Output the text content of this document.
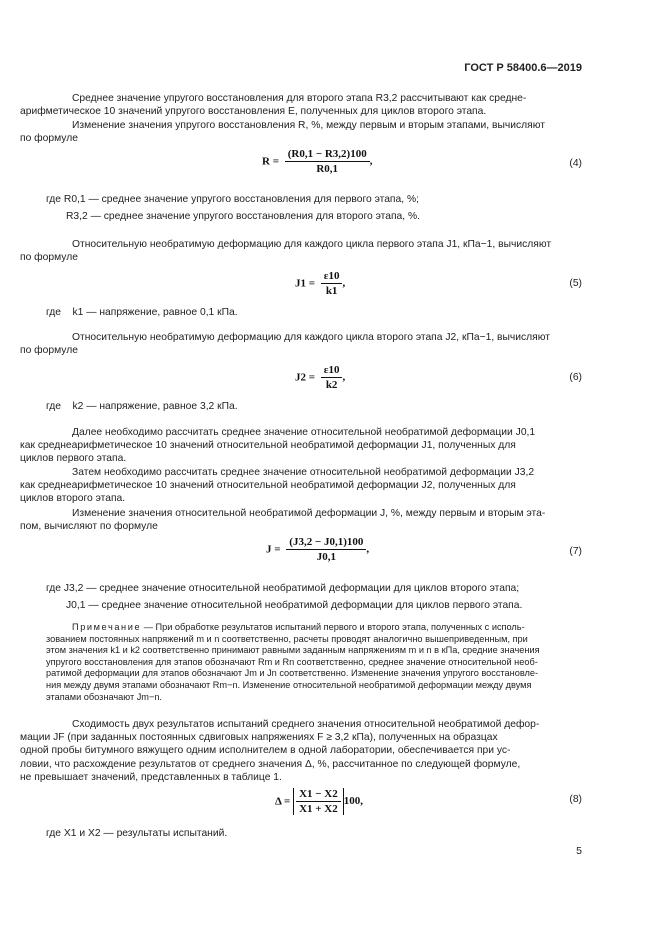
ГОСТ Р 58400.6—2019
Среднее значение упругого восстановления для второго этапа R3,2 рассчитывают как средне-
арифметическое 10 значений упругого восстановления E, полученных для циклов второго этапа.
Изменение значения упругого восстановления R, %, между первым и вторым этапами, вычисляют
по формуле
$R = \frac{(R0,1 - R3,2)100}{R0,1}$ ,	(4)
где R0,1 — среднее значение упругого восстановления для первого этапа, %;
R3,2 — среднее значение упругого восстановления для второго этапа, %.
Относительную необратимую деформацию для каждого цикла первого этапа J1, кПа−1, вычисляют
по формуле
$J1 = \frac{\varepsilon 10}{k1}$ ,	(5)
где    k1 — напряжение, равное 0,1 кПа.
Относительную необратимую деформацию для каждого цикла второго этапа J2, кПа−1, вычисляют
по формуле
$J2 = \frac{\varepsilon 10}{k2}$ ,	(6)
где    k2 — напряжение, равное 3,2 кПа.
Далее необходимо рассчитать среднее значение относительной необратимой деформации J0,1
как среднеарифметическое 10 значений относительной необратимой деформации J1, полученных для
циклов первого этапа.
Затем необходимо рассчитать среднее значение относительной необратимой деформации J3,2
как среднеарифметическое 10 значений относительной необратимой деформации J2, полученных для
циклов второго этапа.
Изменение значения относительной необратимой деформации J, %, между первым и вторым эта-
пом, вычисляют по формуле
$J = \frac{(J3,2 - J0,1)100}{J0,1}$ ,	(7)
где J3,2 — среднее значение относительной необратимой деформации для циклов второго этапа;
J0,1 — среднее значение относительной необратимой деформации для циклов первого этапа.
Примечание — При обработке результатов испытаний первого и второго этапа, полученных с исполь-
зованием постоянных напряжений m и n соответственно, расчеты проводят аналогично вышеприведенным, при
этом значения k1 и k2 соответственно принимают равными заданным напряжениям m и n в кПа, средние значения
упругого восстановления для этапов обозначают Rm и Rn соответственно, среднее значение относительной необ-
ратимой деформации для этапов обозначают Jm и Jn соответственно. Изменение значения упругого восстановле-
ния между двумя этапами обозначают Rm−n. Изменение относительной необратимой деформации между двумя
этапами обозначают Jm−n.
Сходимость двух результатов испытаний среднего значения относительной необратимой дефор-
мации JF (при заданных постоянных сдвиговых напряжениях F ≥ 3,2 кПа), полученных на образцах
одной пробы битумного вяжущего одним исполнителем в одной лаборатории, обеспечивается при ус-
ловии, что расхождение результатов от среднего значения Δ, %, рассчитанное по следующей формуле,
не превышает значений, представленных в таблице 1.
$\Delta = \frac{X1 - X2}{X1 + X2} 100$,	(8)
где X1 и X2 — результаты испытаний.
5
